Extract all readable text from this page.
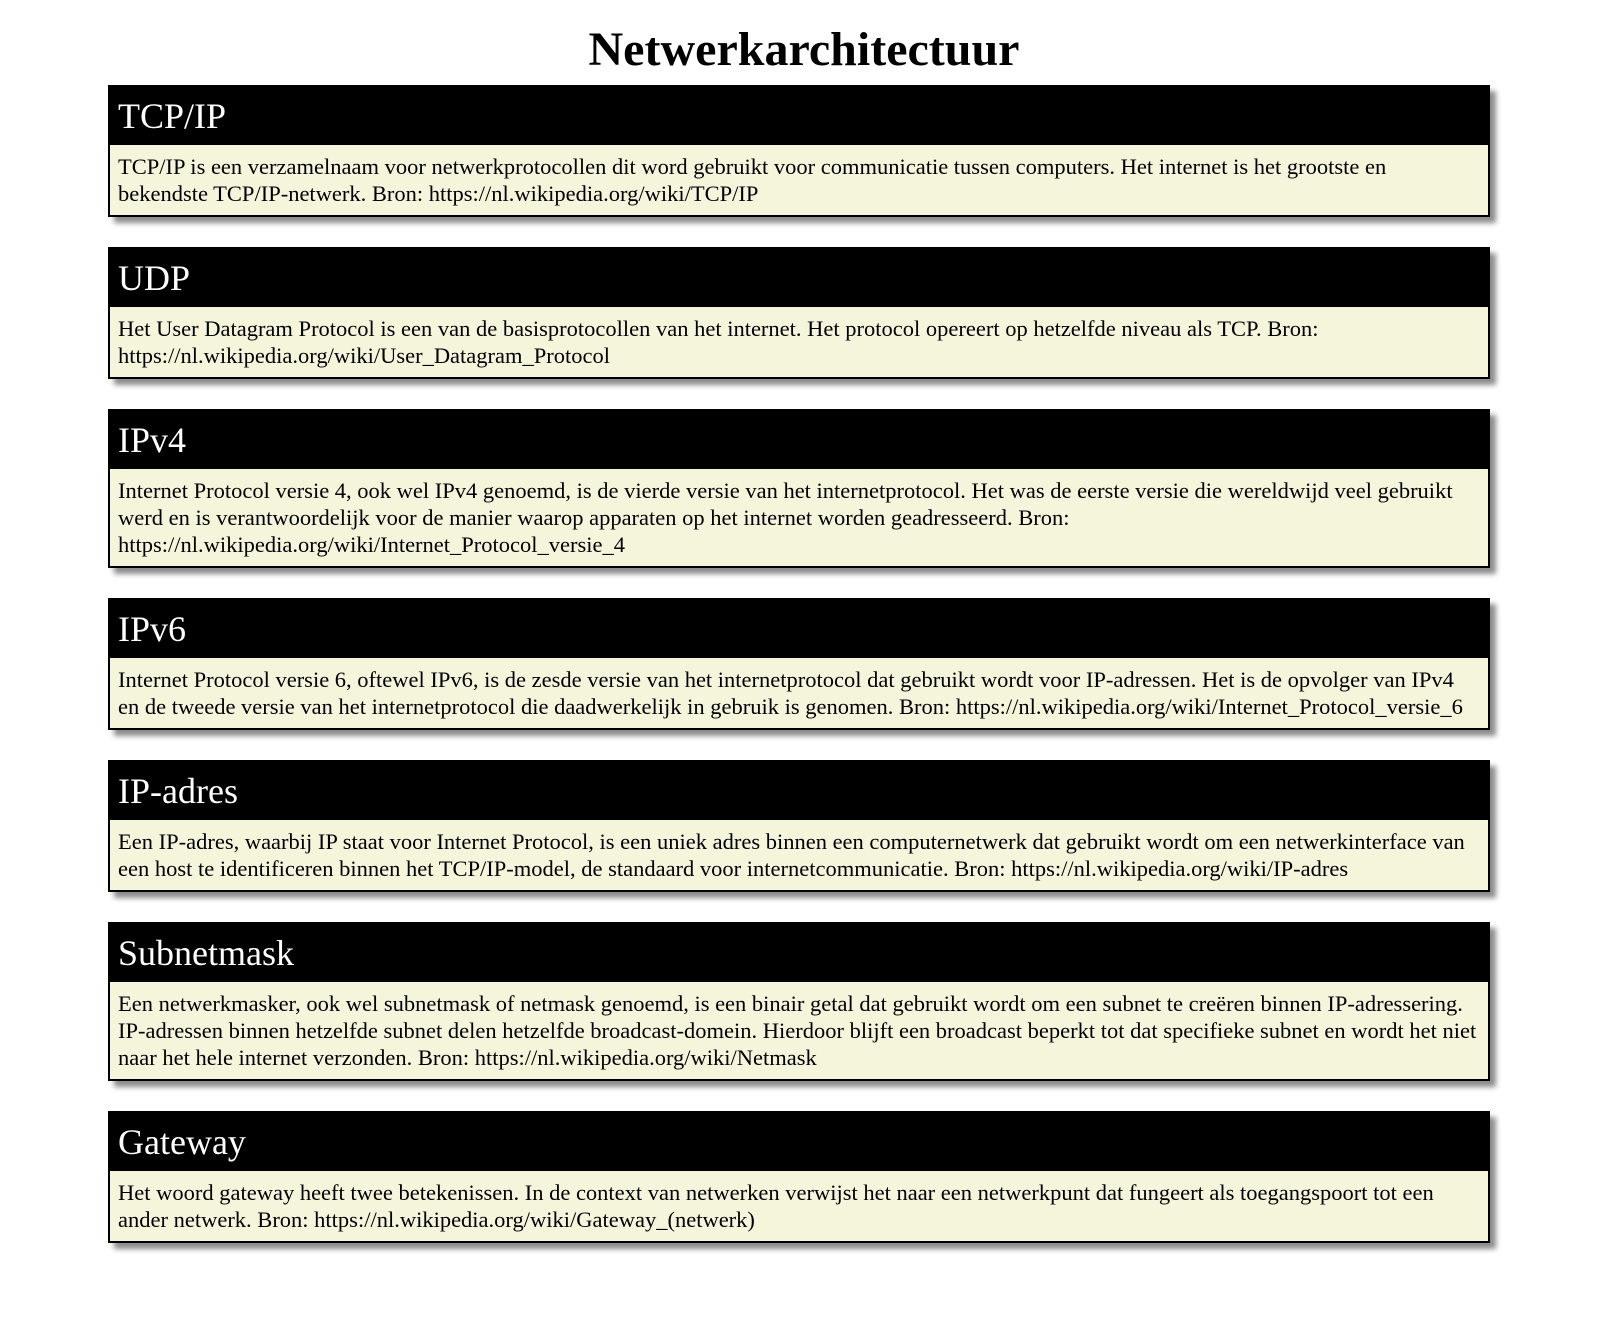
Netwerkarchitectuur
TCP/IP
TCP/IP is een verzamelnaam voor netwerkprotocollen dit word gebruikt voor communicatie tussen computers. Het internet is het grootste en bekendste TCP/IP-netwerk. Bron: https://nl.wikipedia.org/wiki/TCP/IP
UDP
Het User Datagram Protocol is een van de basisprotocollen van het internet. Het protocol opereert op hetzelfde niveau als TCP. Bron: https://nl.wikipedia.org/wiki/User_Datagram_Protocol
IPv4
Internet Protocol versie 4, ook wel IPv4 genoemd, is de vierde versie van het internetprotocol. Het was de eerste versie die wereldwijd veel gebruikt werd en is verantwoordelijk voor de manier waarop apparaten op het internet worden geadresseerd. Bron: https://nl.wikipedia.org/wiki/Internet_Protocol_versie_4
IPv6
Internet Protocol versie 6, oftewel IPv6, is de zesde versie van het internetprotocol dat gebruikt wordt voor IP-adressen. Het is de opvolger van IPv4 en de tweede versie van het internetprotocol die daadwerkelijk in gebruik is genomen. Bron: https://nl.wikipedia.org/wiki/Internet_Protocol_versie_6
IP-adres
Een IP-adres, waarbij IP staat voor Internet Protocol, is een uniek adres binnen een computernetwerk dat gebruikt wordt om een netwerkinterface van een host te identificeren binnen het TCP/IP-model, de standaard voor internetcommunicatie. Bron: https://nl.wikipedia.org/wiki/IP-adres
Subnetmask
Een netwerkmasker, ook wel subnetmask of netmask genoemd, is een binair getal dat gebruikt wordt om een subnet te creëren binnen IP-adressering. IP-adressen binnen hetzelfde subnet delen hetzelfde broadcast-domein. Hierdoor blijft een broadcast beperkt tot dat specifieke subnet en wordt het niet naar het hele internet verzonden. Bron: https://nl.wikipedia.org/wiki/Netmask
Gateway
Het woord gateway heeft twee betekenissen. In de context van netwerken verwijst het naar een netwerkpunt dat fungeert als toegangspoort tot een ander netwerk. Bron: https://nl.wikipedia.org/wiki/Gateway_(netwerk)
